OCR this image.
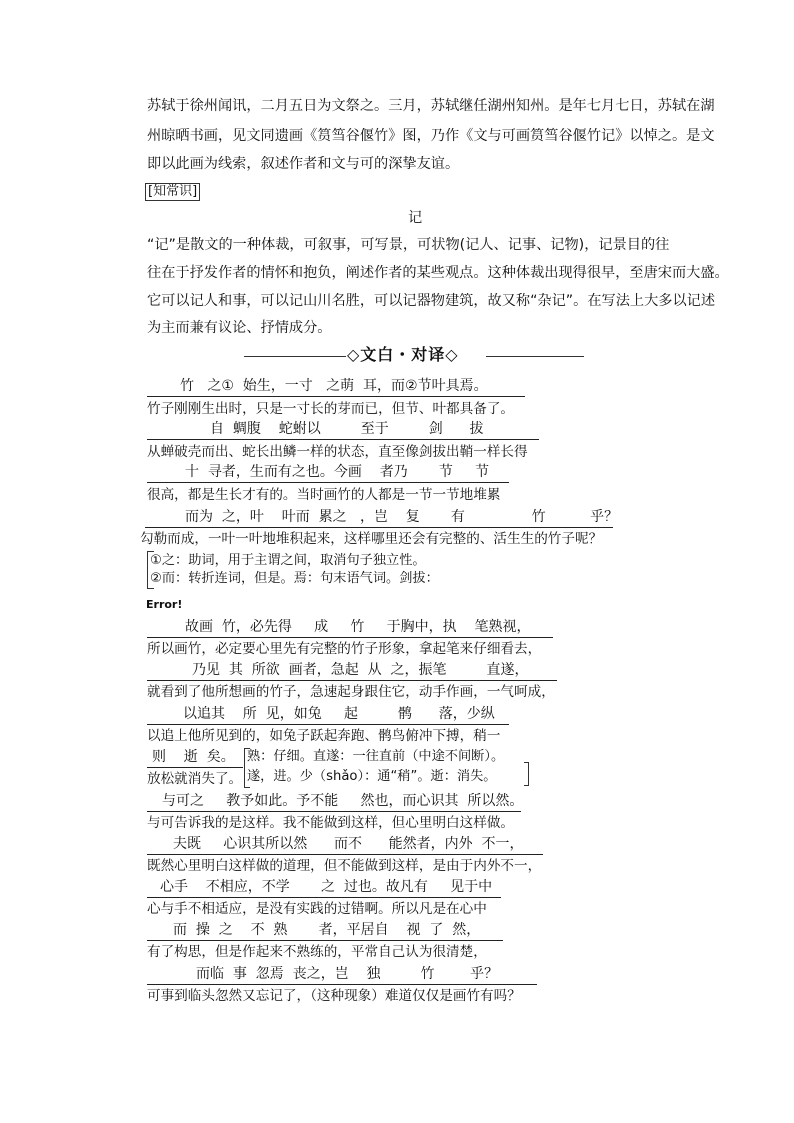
苏轼于徐州闻讯，二月五日为文祭之。三月，苏轼继任湖州知州。是年七月七日，苏轼在湖
州晾晒书画，见文同遗画《筼筜谷偃竹》图，乃作《文与可画筼筜谷偃竹记》以悼之。是文
即以此画为线索，叙述作者和文与可的深挚友谊。
[知常识]
记
“记”是散文的一种体裁，可叙事，可写景，可状物(记人、记事、记物)，记景目的往
往在于抒发作者的情怀和抱负，阐述作者的某些观点。这种体裁出现得很早，至唐宋而大盛。
它可以记人和事，可以记山川名胜，可以记器物建筑，故又称“杂记”。在写法上大多以记述
为主而兼有议论、抒情成分。
◇文白・对译◇
竹   之①  始生，一寸   之萌  耳，而②节叶具焉。
竹子刚刚生出时，只是一寸长的芽而已，但节、叶都具备了。
自  蜩腹    蛇蚹以         至于         剑      拔
从蝉破壳而出、蛇长出鳞一样的状态，直至像剑拔出鞘一样长得
十  寻者，生而有之也。今画    者乃       节     节
很高，都是生长才有的。当时画竹的人都是一节一节地堆累
而为  之，叶    叶而  累之   ，岂    复       有               竹          乎？
勾勒而成，一叶一叶地堆积起来，这样哪里还会有完整的、活生生的竹子呢？
①之：助词，用于主谓之间，取消句子独立性。
②而：转折连词，但是。焉：句末语气词。剑拔：
Error!
故画  竹，必先得     成     竹     于胸中，执    笔熟视，
所以画竹，必定要心里先有完整的竹子形象，拿起笔来仔细看去，
乃见  其  所欲  画者，急起  从  之，振笔         直遂，
就看到了他所想画的竹子，急速起身跟住它，动手作画，一气呵成，
以追其    所  见，如兔     起         鹘      落，少纵
以追上他所见到的，如兔子跃起奔跑、鹘鸟俯冲下搏，稍一
则    逝  矣。
放松就消失了。
熟：仔细。直遂：一往直前（中途不间断）。
遂，进。少（shǎo）：通“稍”。逝：消失。
与可之     教予如此。予不能     然也，而心识其  所以然。
与可告诉我的是这样。我不能做到这样，但心里明白这样做。
夫既     心识其所以然      而不      能然者，内外  不一，
既然心里明白这样做的道理，但不能做到这样，是由于内外不一，
心手    不相应，不学       之  过也。故凡有     见于中
心与手不相适应，是没有实践的过错啊。所以凡是在心中
而  操  之    不  熟       者，平居自    视  了  然，
有了构思，但是作起来不熟练的，平常自己认为很清楚，
而临  事  忽焉  丧之，岂    独         竹        乎？
可事到临头忽然又忘记了，（这种现象）难道仅仅是画竹有吗？
